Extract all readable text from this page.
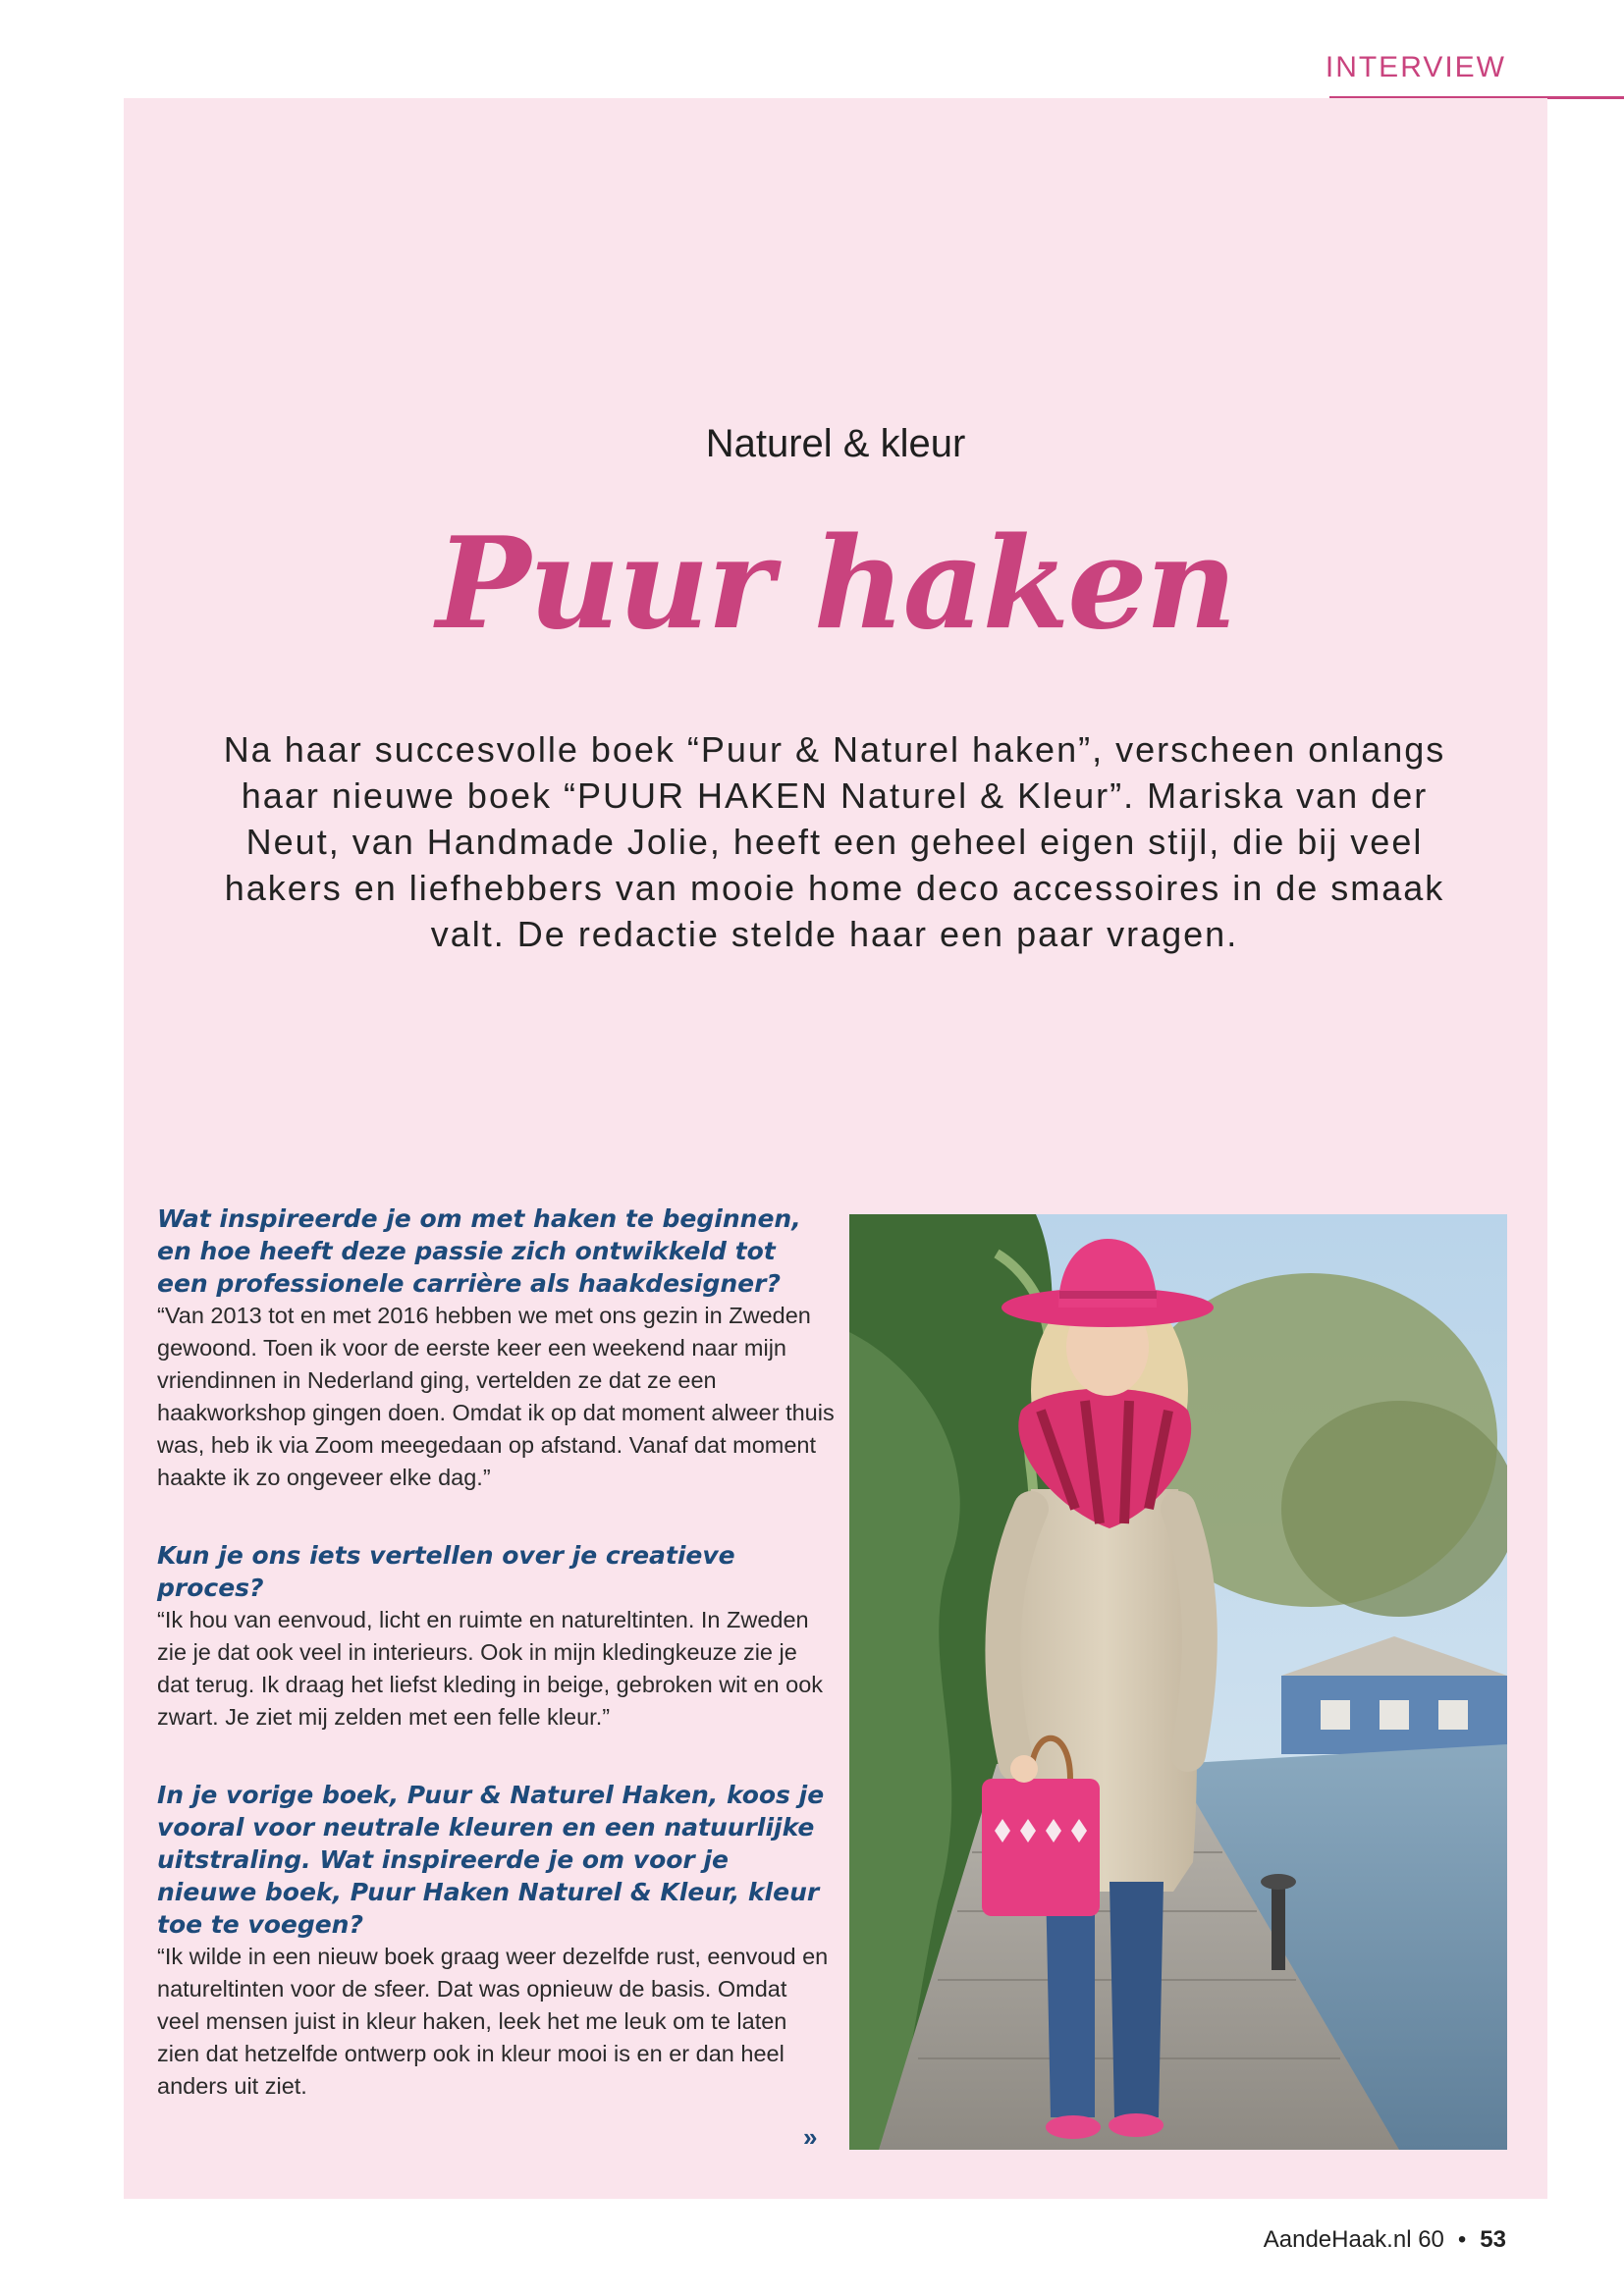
INTERVIEW
Naturel & kleur
Puur haken
Na haar succesvolle boek “Puur & Naturel haken”, verscheen onlangs haar nieuwe boek “PUUR HAKEN Naturel & Kleur”. Mariska van der Neut, van Handmade Jolie, heeft een geheel eigen stijl, die bij veel hakers en liefhebbers van mooie home deco accessoires in de smaak valt. De redactie stelde haar een paar vragen.

Wat inspireerde je om met haken te beginnen, en hoe heeft deze passie zich ontwikkeld tot een professionele carrière als haakdesigner?

“Van 2013 tot en met 2016 hebben we met ons gezin in Zweden gewoond. Toen ik voor de eerste keer een weekend naar mijn vriendinnen in Nederland ging, vertelden ze dat ze een haakworkshop gingen doen. Omdat ik op dat moment alweer thuis was, heb ik via Zoom meegedaan op afstand. Vanaf dat moment haakte ik zo ongeveer elke dag.”

Kun je ons iets vertellen over je creatieve proces?

“Ik hou van eenvoud, licht en ruimte en natureltinten. In Zweden zie je dat ook veel in interieurs. Ook in mijn kledingkeuze zie je dat terug. Ik draag het liefst kleding in beige, gebroken wit en ook zwart. Je ziet mij zelden met een felle kleur.”

In je vorige boek, Puur & Naturel Haken, koos je vooral voor neutrale kleuren en een natuurlijke uitstraling. Wat inspireerde je om voor je nieuwe boek, Puur Haken Naturel & Kleur, kleur toe te voegen?

“Ik wilde in een nieuw boek graag weer dezelfde rust, eenvoud en natureltinten voor de sfeer. Dat was opnieuw de basis. Omdat veel mensen juist in kleur haken, leek het me leuk om te laten zien dat hetzelfde ontwerp ook in kleur mooi is en er dan heel anders uit ziet.

»
AandeHaak.nl 60 • 53
